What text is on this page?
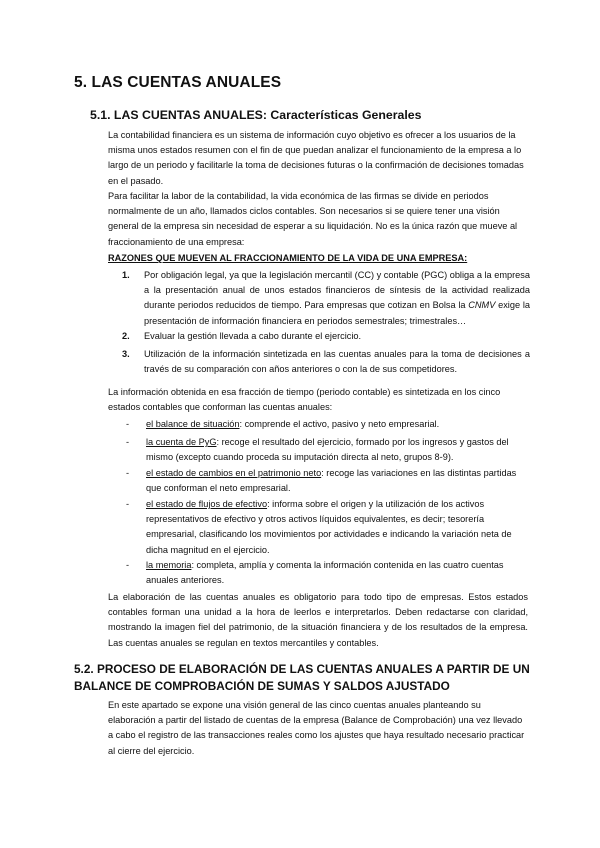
5. LAS CUENTAS ANUALES
5.1. LAS CUENTAS ANUALES: Características Generales
La contabilidad financiera es un sistema de información cuyo objetivo es ofrecer a los usuarios de la misma unos estados resumen con el fin de que puedan analizar el funcionamiento de la empresa a lo largo de un periodo y facilitarle la toma de decisiones futuras o la confirmación de decisiones tomadas en el pasado.
Para facilitar la labor de la contabilidad, la vida económica de las firmas se divide en periodos normalmente de un año, llamados ciclos contables. Son necesarios si se quiere tener una visión general de la empresa sin necesidad de esperar a su liquidación. No es la única razón que mueve al fraccionamiento de una empresa:
RAZONES QUE MUEVEN AL FRACCIONAMIENTO DE LA VIDA DE UNA EMPRESA:
1. Por obligación legal, ya que la legislación mercantil (CC) y contable (PGC) obliga a la empresa a la presentación anual de unos estados financieros de síntesis de la actividad realizada durante periodos reducidos de tiempo. Para empresas que cotizan en Bolsa la CNMV exige la presentación de información financiera en periodos semestrales; trimestrales…
2. Evaluar la gestión llevada a cabo durante el ejercicio.
3. Utilización de la información sintetizada en las cuentas anuales para la toma de decisiones a través de su comparación con años anteriores o con la de sus competidores.
La información obtenida en esa fracción de tiempo (periodo contable) es sintetizada en los cinco estados contables que conforman las cuentas anuales:
- el balance de situación: comprende el activo, pasivo y neto empresarial.
- la cuenta de PyG: recoge el resultado del ejercicio, formado por los ingresos y gastos del mismo (excepto cuando proceda su imputación directa al neto, grupos 8-9).
- el estado de cambios en el patrimonio neto: recoge las variaciones en las distintas partidas que conforman el neto empresarial.
- el estado de flujos de efectivo: informa sobre el origen y la utilización de los activos representativos de efectivo y otros activos líquidos equivalentes, es decir; tesorería empresarial, clasificando los movimientos por actividades e indicando la variación neta de dicha magnitud en el ejercicio.
- la memoria: completa, amplía y comenta la información contenida en las cuatro cuentas anuales anteriores.
La elaboración de las cuentas anuales es obligatorio para todo tipo de empresas. Estos estados contables forman una unidad a la hora de leerlos e interpretarlos. Deben redactarse con claridad, mostrando la imagen fiel del patrimonio, de la situación financiera y de los resultados de la empresa. Las cuentas anuales se regulan en textos mercantiles y contables.
5.2. PROCESO DE ELABORACIÓN DE LAS CUENTAS ANUALES A PARTIR DE UN BALANCE DE COMPROBACIÓN DE SUMAS Y SALDOS AJUSTADO
En este apartado se expone una visión general de las cinco cuentas anuales planteando su elaboración a partir del listado de cuentas de la empresa (Balance de Comprobación) una vez llevado a cabo el registro de las transacciones reales como los ajustes que haya resultado necesario practicar al cierre del ejercicio.
